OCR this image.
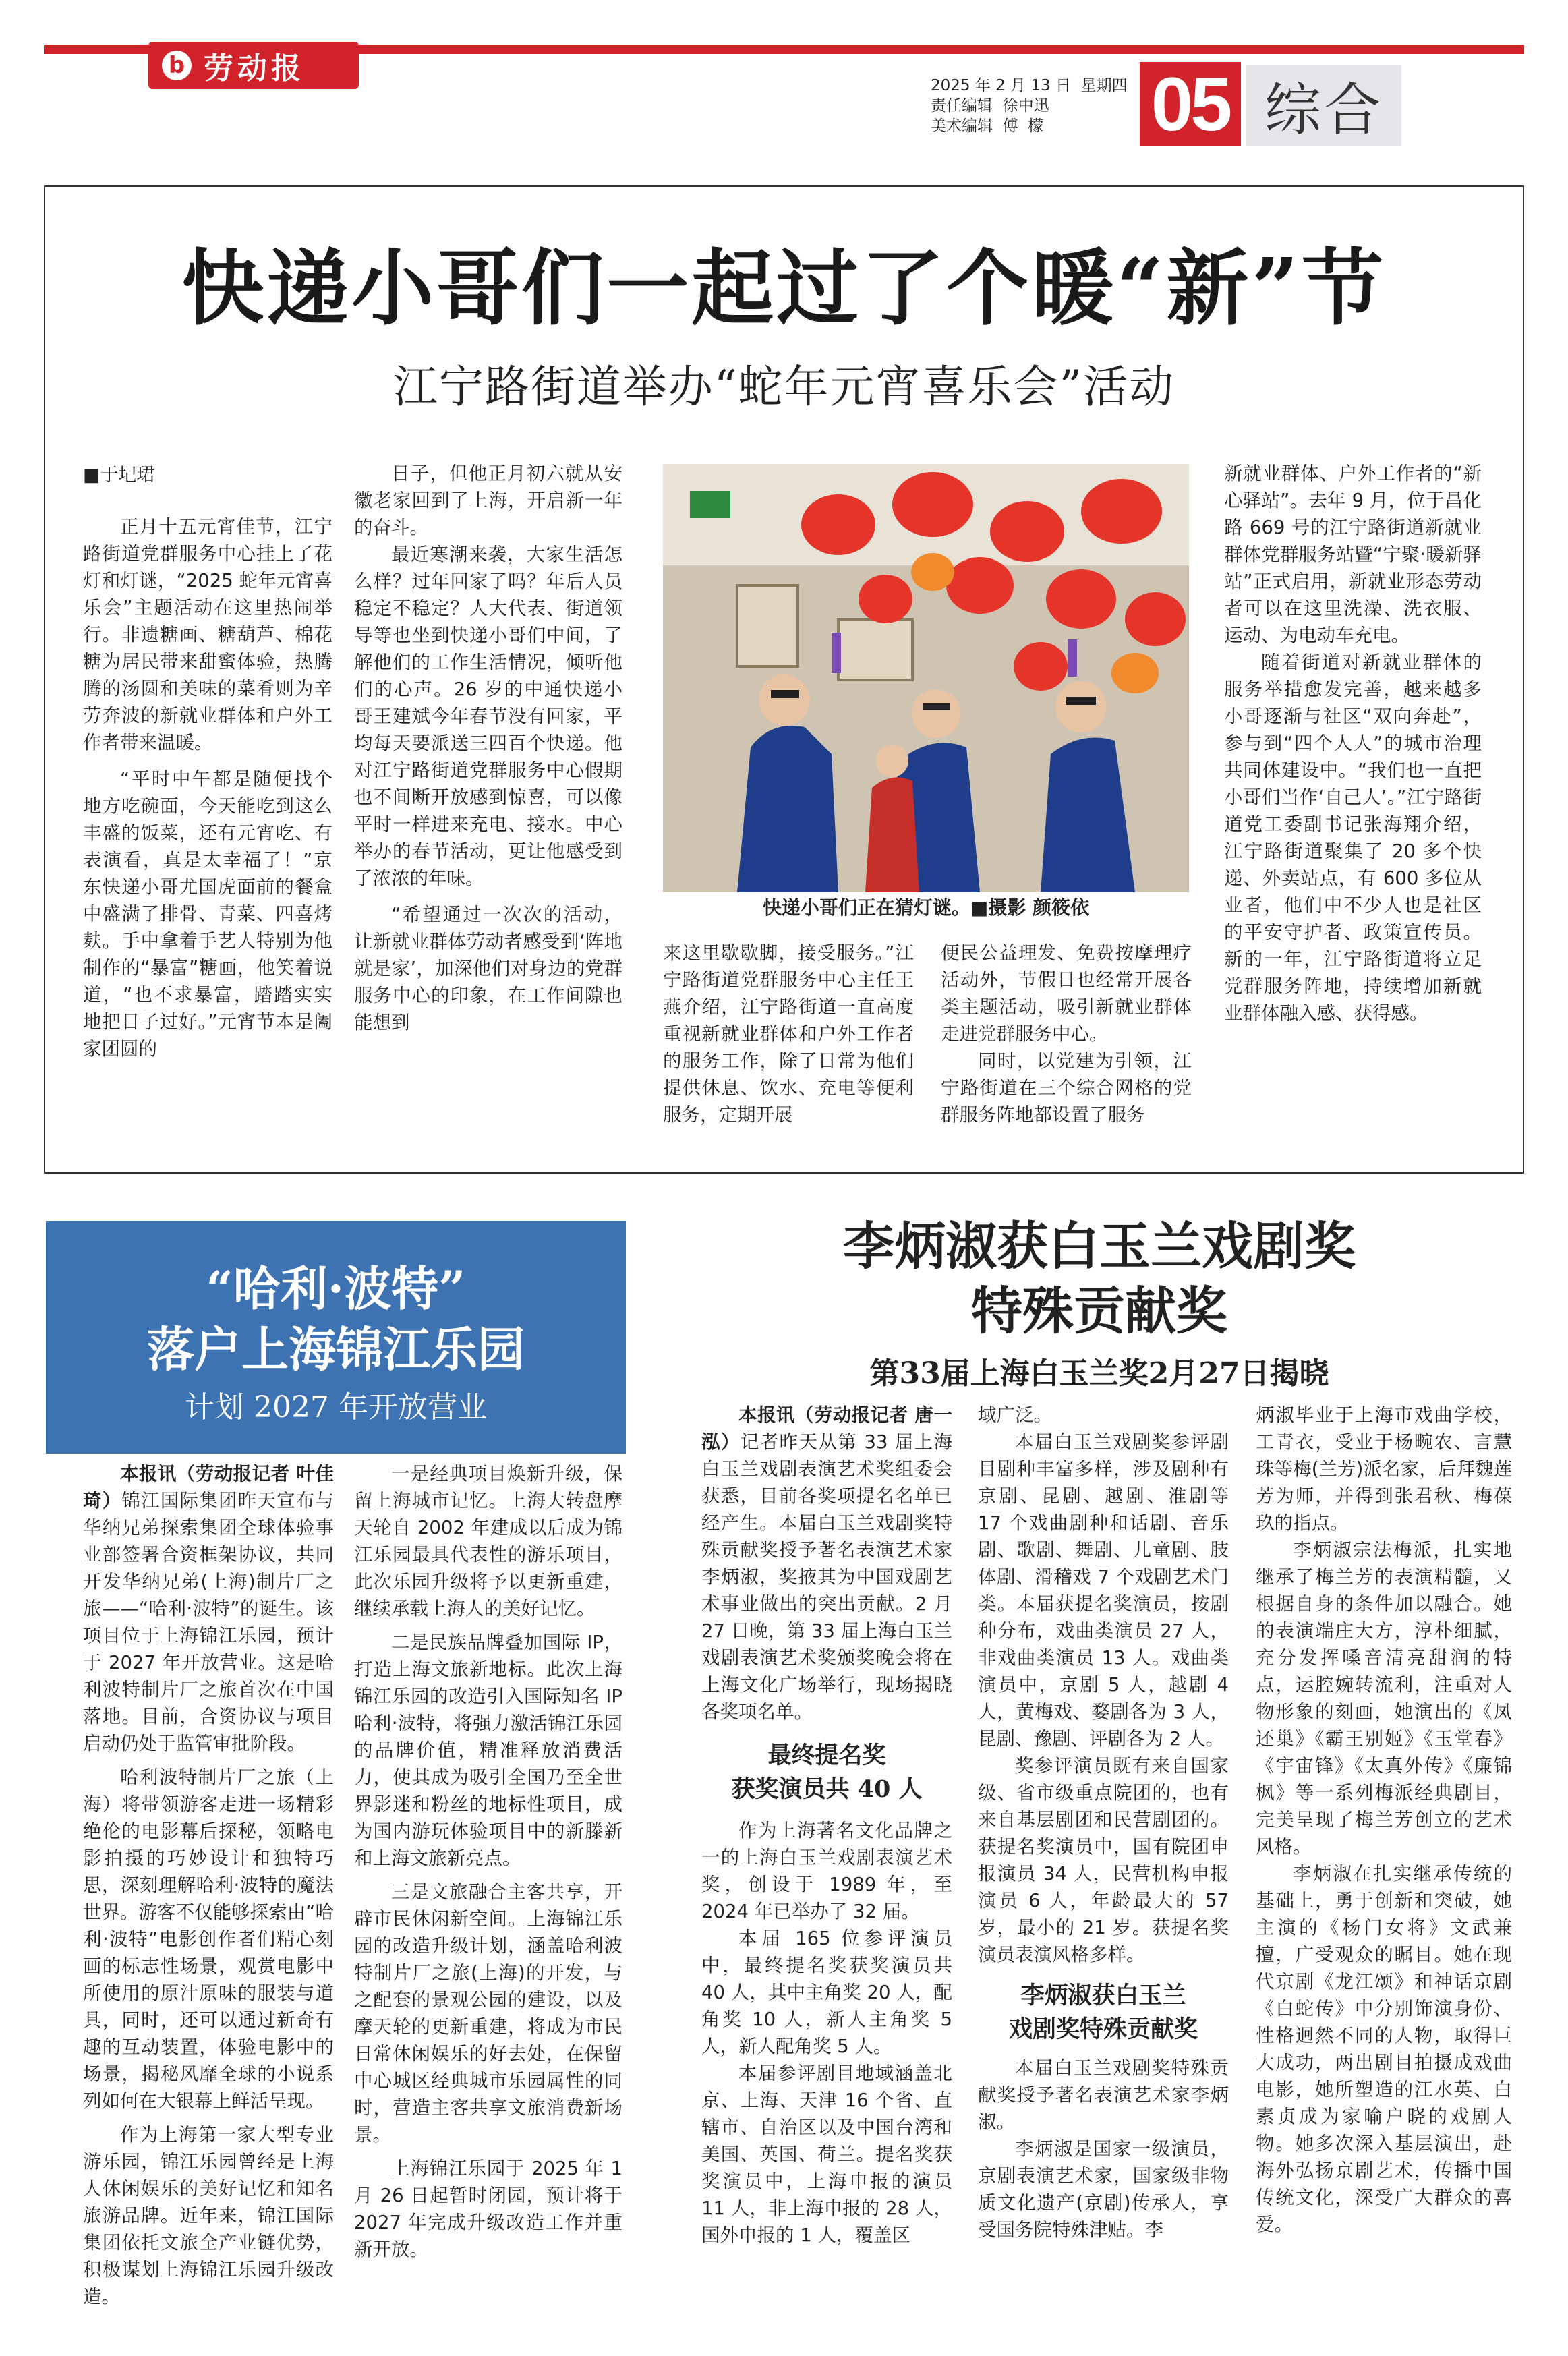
b 劳动报	2025 年 2 月 13 日  星期四
责任编辑  徐中迅
美术编辑  傅  檬	05 综合
快递小哥们一起过了个暖“新”节
江宁路街道举办“蛇年元宵喜乐会”活动
■于圮珺

正月十五元宵佳节，江宁路街道党群服务中心挂上了花灯和灯谜，“2025 蛇年元宵喜乐会”主题活动在这里热闹举行。非遗糖画、糖葫芦、棉花糖为居民带来甜蜜体验，热腾腾的汤圆和美味的菜肴则为辛劳奔波的新就业群体和户外工作者带来温暖。

“平时中午都是随便找个地方吃碗面，今天能吃到这么丰盛的饭菜，还有元宵吃、有表演看，真是太幸福了！”京东快递小哥尤国虎面前的餐盒中盛满了排骨、青菜、四喜烤麸。手中拿着手艺人特别为他制作的“暴富”糖画，他笑着说道，“也不求暴富，踏踏实实地把日子过好。”元宵节本是阖家团圆的

日子，但他正月初六就从安徽老家回到了上海，开启新一年的奋斗。

最近寒潮来袭，大家生活怎么样？过年回家了吗？年后人员稳定不稳定？人大代表、街道领导等也坐到快递小哥们中间，了解他们的工作生活情况，倾听他们的心声。26 岁的中通快递小哥王建斌今年春节没有回家，平均每天要派送三四百个快递。他对江宁路街道党群服务中心假期也不间断开放感到惊喜，可以像平时一样进来充电、接水。中心举办的春节活动，更让他感受到了浓浓的年味。

“希望通过一次次的活动，让新就业群体劳动者感受到‘阵地就是家’，加深他们对身边的党群服务中心的印象，在工作间隙也能想到

快递小哥们正在猜灯谜。■摄影 颜筱依

来这里歇歇脚，接受服务。”江宁路街道党群服务中心主任王燕介绍，江宁路街道一直高度重视新就业群体和户外工作者的服务工作，除了日常为他们提供休息、饮水、充电等便利服务，定期开展

便民公益理发、免费按摩理疗活动外，节假日也经常开展各类主题活动，吸引新就业群体走进党群服务中心。

同时，以党建为引领，江宁路街道在三个综合网格的党群服务阵地都设置了服务

新就业群体、户外工作者的“新心驿站”。去年 9 月，位于昌化路 669 号的江宁路街道新就业群体党群服务站暨“宁聚·暖新驿站”正式启用，新就业形态劳动者可以在这里洗澡、洗衣服、运动、为电动车充电。

随着街道对新就业群体的服务举措愈发完善，越来越多小哥逐渐与社区“双向奔赴”，参与到“四个人人”的城市治理共同体建设中。“我们也一直把小哥们当作‘自己人’。”江宁路街道党工委副书记张海翔介绍，江宁路街道聚集了 20 多个快递、外卖站点，有 600 多位从业者，他们中不少人也是社区的平安守护者、政策宣传员。新的一年，江宁路街道将立足党群服务阵地，持续增加新就业群体融入感、获得感。

“哈利·波特”
落户上海锦江乐园
计划 2027 年开放营业

本报讯（劳动报记者 叶佳琦）锦江国际集团昨天宣布与华纳兄弟探索集团全球体验事业部签署合资框架协议，共同开发华纳兄弟(上海)制片厂之旅——“哈利·波特”的诞生。该项目位于上海锦江乐园，预计于 2027 年开放营业。这是哈利波特制片厂之旅首次在中国落地。目前，合资协议与项目启动仍处于监管审批阶段。

哈利波特制片厂之旅（上海）将带领游客走进一场精彩绝伦的电影幕后探秘，领略电影拍摄的巧妙设计和独特巧思，深刻理解哈利·波特的魔法世界。游客不仅能够探索由“哈利·波特”电影创作者们精心刻画的标志性场景，观赏电影中所使用的原汁原味的服装与道具，同时，还可以通过新奇有趣的互动装置，体验电影中的场景，揭秘风靡全球的小说系列如何在大银幕上鲜活呈现。

作为上海第一家大型专业游乐园，锦江乐园曾经是上海人休闲娱乐的美好记忆和知名旅游品牌。近年来，锦江国际集团依托文旅全产业链优势，积极谋划上海锦江乐园升级改造。

一是经典项目焕新升级，保留上海城市记忆。上海大转盘摩天轮自 2002 年建成以后成为锦江乐园最具代表性的游乐项目，此次乐园升级将予以更新重建，继续承载上海人的美好记忆。

二是民族品牌叠加国际 IP，打造上海文旅新地标。此次上海锦江乐园的改造引入国际知名 IP 哈利·波特，将强力激活锦江乐园的品牌价值，精准释放消费活力，使其成为吸引全国乃至全世界影迷和粉丝的地标性项目，成为国内游玩体验项目中的新滕新和上海文旅新亮点。

三是文旅融合主客共享，开辟市民休闲新空间。上海锦江乐园的改造升级计划，涵盖哈利波特制片厂之旅(上海)的开发，与之配套的景观公园的建设，以及摩天轮的更新重建，将成为市民日常休闲娱乐的好去处，在保留中心城区经典城市乐园属性的同时，营造主客共享文旅消费新场景。

上海锦江乐园于 2025 年 1 月 26 日起暂时闭园，预计将于 2027 年完成升级改造工作并重新开放。

李炳淑获白玉兰戏剧奖
特殊贡献奖
第33届上海白玉兰奖2月27日揭晓

本报讯（劳动报记者 唐一泓）记者昨天从第 33 届上海白玉兰戏剧表演艺术奖组委会获悉，目前各奖项提名名单已经产生。本届白玉兰戏剧奖特殊贡献奖授予著名表演艺术家李炳淑，奖掖其为中国戏剧艺术事业做出的突出贡献。2 月 27 日晚，第 33 届上海白玉兰戏剧表演艺术奖颁奖晚会将在上海文化广场举行，现场揭晓各奖项名单。

最终提名奖
获奖演员共 40 人

作为上海著名文化品牌之一的上海白玉兰戏剧表演艺术奖，创设于 1989 年，至 2024 年已举办了 32 届。

本届 165 位参评演员中，最终提名奖获奖演员共 40 人，其中主角奖 20 人，配角奖 10 人，新人主角奖 5 人，新人配角奖 5 人。

本届参评剧目地域涵盖北京、上海、天津 16 个省、直辖市、自治区以及中国台湾和美国、英国、荷兰。提名奖获奖演员中，上海申报的演员 11 人，非上海申报的 28 人，国外申报的 1 人，覆盖区

域广泛。

本届白玉兰戏剧奖参评剧目剧种丰富多样，涉及剧种有京剧、昆剧、越剧、淮剧等 17 个戏曲剧种和话剧、音乐剧、歌剧、舞剧、儿童剧、肢体剧、滑稽戏 7 个戏剧艺术门类。本届获提名奖演员，按剧种分布，戏曲类演员 27 人，非戏曲类演员 13 人。戏曲类演员中，京剧 5 人，越剧 4 人，黄梅戏、婺剧各为 3 人，昆剧、豫剧、评剧各为 2 人。

奖参评演员既有来自国家级、省市级重点院团的，也有来自基层剧团和民营剧团的。获提名奖演员中，国有院团申报演员 34 人，民营机构申报演员 6 人，年龄最大的 57 岁，最小的 21 岁。获提名奖演员表演风格多样。

李炳淑获白玉兰
戏剧奖特殊贡献奖

本届白玉兰戏剧奖特殊贡献奖授予著名表演艺术家李炳淑。

李炳淑是国家一级演员，京剧表演艺术家，国家级非物质文化遗产(京剧)传承人，享受国务院特殊津贴。李

炳淑毕业于上海市戏曲学校，工青衣，受业于杨畹农、言慧珠等梅(兰芳)派名家，后拜魏莲芳为师，并得到张君秋、梅葆玖的指点。

李炳淑宗法梅派，扎实地继承了梅兰芳的表演精髓，又根据自身的条件加以融合。她的表演端庄大方，淳朴细腻，充分发挥嗓音清亮甜润的特点，运腔婉转流利，注重对人物形象的刻画，她演出的《凤还巢》《霸王别姬》《玉堂春》《宇宙锋》《太真外传》《廉锦枫》等一系列梅派经典剧目，完美呈现了梅兰芳创立的艺术风格。

李炳淑在扎实继承传统的基础上，勇于创新和突破，她主演的《杨门女将》文武兼擅，广受观众的瞩目。她在现代京剧《龙江颂》和神话京剧《白蛇传》中分别饰演身份、性格迥然不同的人物，取得巨大成功，两出剧目拍摄成戏曲电影，她所塑造的江水英、白素贞成为家喻户晓的戏剧人物。她多次深入基层演出，赴海外弘扬京剧艺术，传播中国传统文化，深受广大群众的喜爱。
